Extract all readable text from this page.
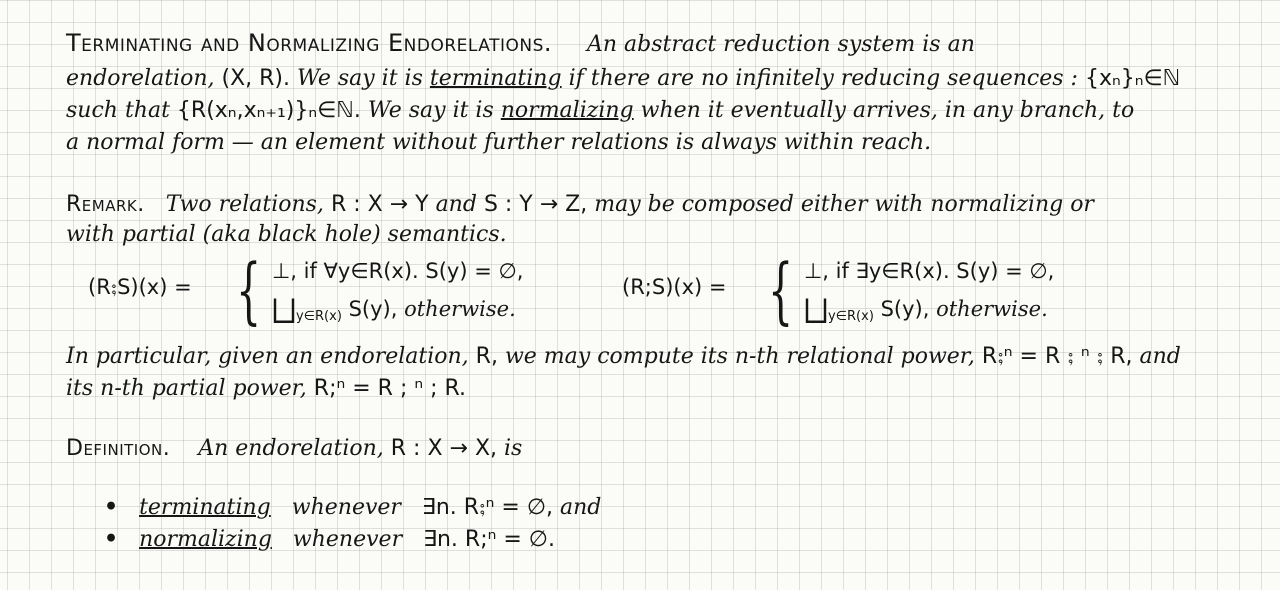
Terminating and Normalizing Endorelations. An abstract reduction system is an
endorelation, (X, R). We say it is terminating if there are no infinitely reducing sequences : {xₙ}ₙ∈ℕ
such that {R(xₙ,xₙ₊₁)}ₙ∈ℕ. We say it is normalizing when it eventually arrives, in any branch, to
a normal form — an element without further relations is always within reach.
Remark. Two relations, R : X → Y and S : Y → Z, may be composed either with normalizing or
with partial (aka black hole) semantics.
(R⨟S)(x) = { ⊥, if ∀y∈R(x). S(y) = ∅,
$⨆_{y\in R(x)}$ S(y), otherwise.
(R;S)(x) = { ⊥, if ∃y∈R(x). S(y) = ∅,
$⨆_{y\in R(x)}$ S(y), otherwise.
In particular, given an endorelation, R, we may compute its n-th relational power, R⨟ⁿ = R ⨟ ⁿ ⨟ R, and
its n-th partial power, R;ⁿ = R ; ⁿ ; R.
Definition. An endorelation, R : X → X, is
• terminating whenever ∃n. R⨟ⁿ = ∅, and
• normalizing whenever ∃n. R;ⁿ = ∅.
